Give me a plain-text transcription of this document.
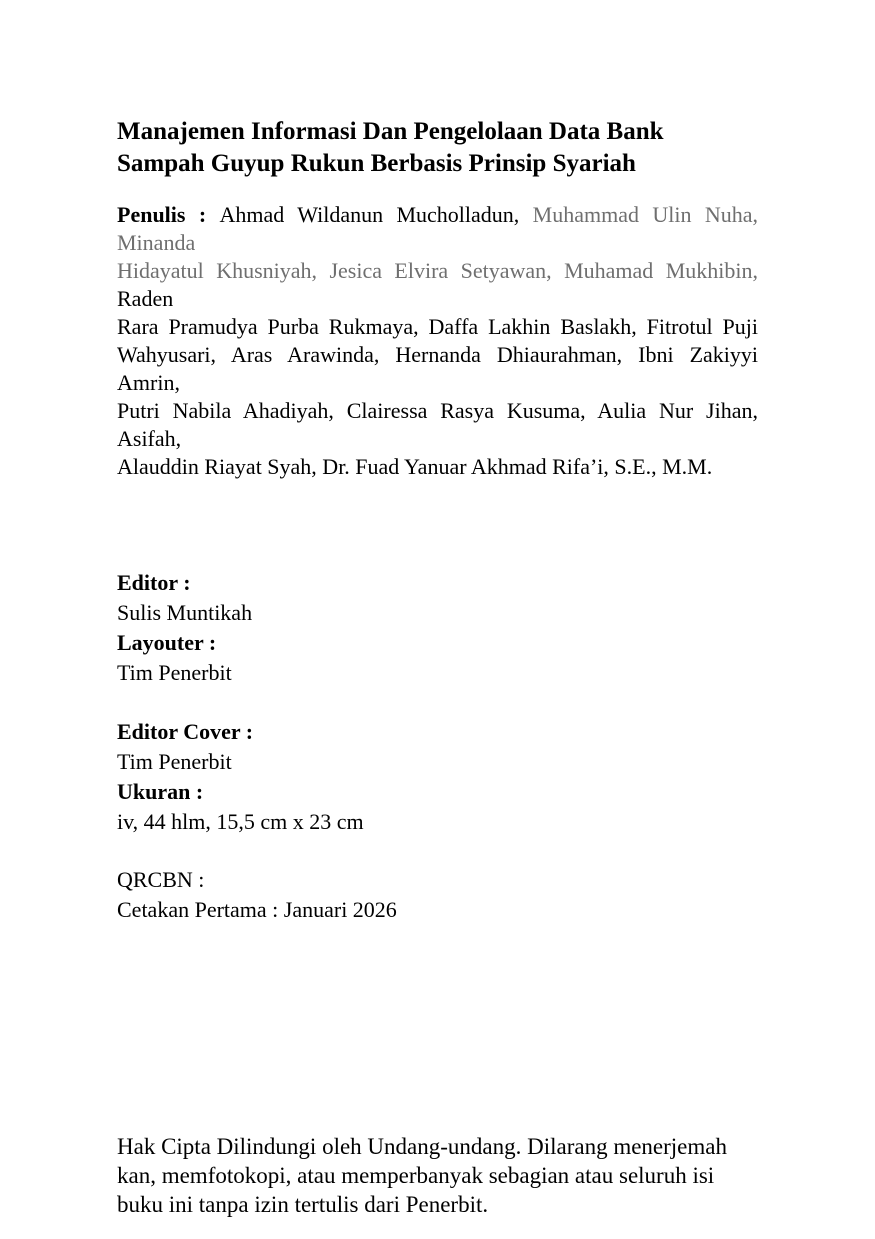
Manajemen Informasi Dan Pengelolaan Data Bank
Sampah Guyup Rukun Berbasis Prinsip Syariah
Penulis : Ahmad Wildanun Mucholladun, Muhammad Ulin Nuha, Minanda
Hidayatul Khusniyah, Jesica Elvira Setyawan, Muhamad Mukhibin, Raden
Rara Pramudya Purba Rukmaya, Daffa Lakhin Baslakh, Fitrotul Puji
Wahyusari, Aras Arawinda, Hernanda Dhiaurahman, Ibni Zakiyyi Amrin,
Putri Nabila Ahadiyah, Clairessa Rasya Kusuma, Aulia Nur Jihan, Asifah,
Alauddin Riayat Syah, Dr. Fuad Yanuar Akhmad Rifa’i, S.E., M.M.
Editor :
Sulis Muntikah
Layouter :
Tim Penerbit
Editor Cover :
Tim Penerbit
Ukuran :
iv, 44 hlm, 15,5 cm x 23 cm
QRCBN :
Cetakan Pertama : Januari 2026
Hak Cipta Dilindungi oleh Undang-undang. Dilarang menerjemah
kan, memfotokopi, atau memperbanyak sebagian atau seluruh isi
buku ini tanpa izin tertulis dari Penerbit.
